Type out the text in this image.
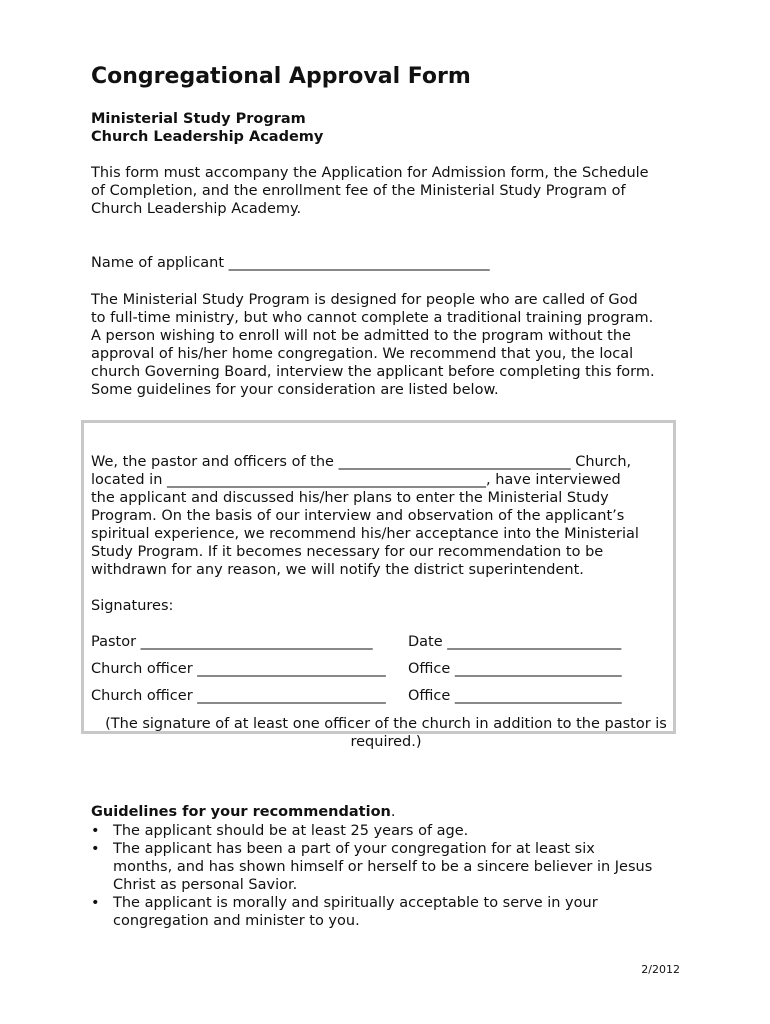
Congregational Approval Form
Ministerial Study Program
Church Leadership Academy

This form must accompany the Application for Admission form, the Schedule
of Completion, and the enrollment fee of the Ministerial Study Program of
Church Leadership Academy.

Name of applicant ____________________________________

The Ministerial Study Program is designed for people who are called of God
to full-time ministry, but who cannot complete a traditional training program.
A person wishing to enroll will not be admitted to the program without the
approval of his/her home congregation. We recommend that you, the local
church Governing Board, interview the applicant before completing this form.
Some guidelines for your consideration are listed below.

We, the pastor and officers of the ________________________________ Church,
located in ____________________________________________, have interviewed
the applicant and discussed his/her plans to enter the Ministerial Study
Program. On the basis of our interview and observation of the applicant’s
spiritual experience, we recommend his/her acceptance into the Ministerial
Study Program. If it becomes necessary for our recommendation to be
withdrawn for any reason, we will notify the district superintendent.

Signatures:
Pastor ________________________________ Date ________________________
Church officer __________________________ Office _______________________
Church officer __________________________ Office _______________________
(The signature of at least one officer of the church in addition to the pastor is
required.)
Guidelines for your recommendation.
• The applicant should be at least 25 years of age.
• The applicant has been a part of your congregation for at least six
months, and has shown himself or herself to be a sincere believer in Jesus
Christ as personal Savior.
• The applicant is morally and spiritually acceptable to serve in your
congregation and minister to you.
2/2012
